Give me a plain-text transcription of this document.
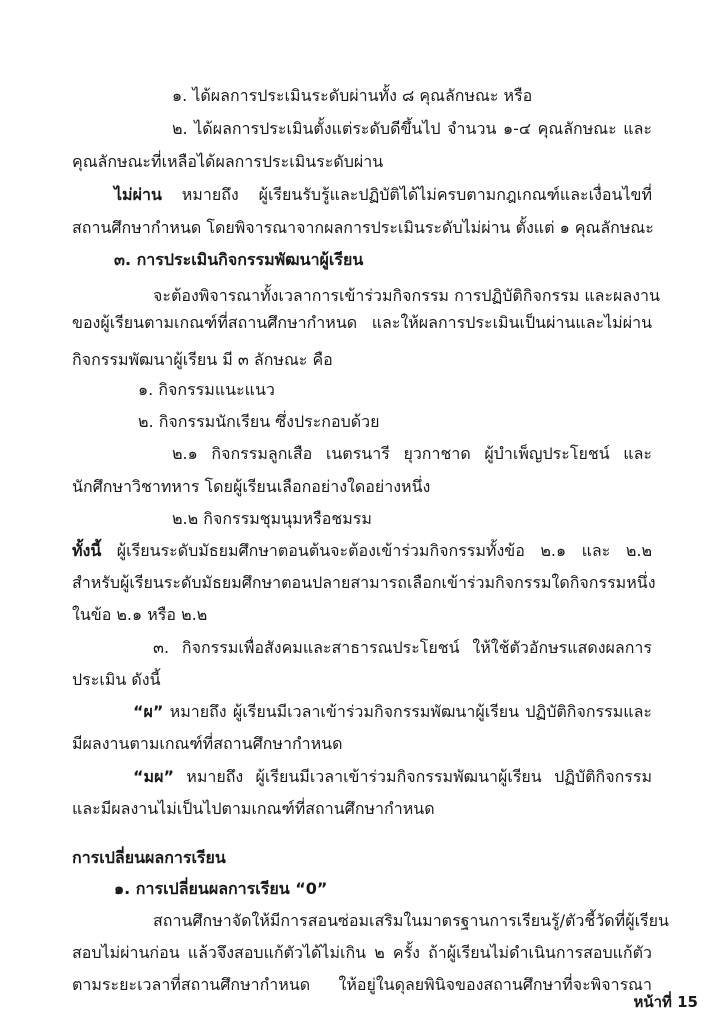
๑. ได้ผลการประเมินระดับผ่านทั้ง ๘ คุณลักษณะ หรือ
๒. ได้ผลการประเมินตั้งแต่ระดับดีขึ้นไป จำนวน ๑-๔ คุณลักษณะ และ
คุณลักษณะที่เหลือได้ผลการประเมินระดับผ่าน
ไม่ผ่าน หมายถึง ผู้เรียนรับรู้และปฏิบัติได้ไม่ครบตามกฎเกณฑ์และเงื่อนไขที่
สถานศึกษากำหนด โดยพิจารณาจากผลการประเมินระดับไม่ผ่าน ตั้งแต่ ๑ คุณลักษณะ
๓. การประเมินกิจกรรมพัฒนาผู้เรียน
จะต้องพิจารณาทั้งเวลาการเข้าร่วมกิจกรรม การปฏิบัติกิจกรรม และผลงาน
ของผู้เรียนตามเกณฑ์ที่สถานศึกษากำหนด และให้ผลการประเมินเป็นผ่านและไม่ผ่าน
กิจกรรมพัฒนาผู้เรียน มี ๓ ลักษณะ คือ
๑. กิจกรรมแนะแนว
๒. กิจกรรมนักเรียน ซึ่งประกอบด้วย
๒.๑ กิจกรรมลูกเสือ เนตรนารี ยุวกาชาด ผู้บำเพ็ญประโยชน์ และ
นักศึกษาวิชาทหาร โดยผู้เรียนเลือกอย่างใดอย่างหนึ่ง
๒.๒ กิจกรรมชุมนุมหรือชมรม
ทั้งนี้ ผู้เรียนระดับมัธยมศึกษาตอนต้นจะต้องเข้าร่วมกิจกรรมทั้งข้อ ๒.๑ และ ๒.๒
สำหรับผู้เรียนระดับมัธยมศึกษาตอนปลายสามารถเลือกเข้าร่วมกิจกรรมใดกิจกรรมหนึ่ง
ในข้อ ๒.๑ หรือ ๒.๒
๓. กิจกรรมเพื่อสังคมและสาธารณประโยชน์ ให้ใช้ตัวอักษรแสดงผลการ
ประเมิน ดังนี้
“ผ” หมายถึง ผู้เรียนมีเวลาเข้าร่วมกิจกรรมพัฒนาผู้เรียน ปฏิบัติกิจกรรมและ
มีผลงานตามเกณฑ์ที่สถานศึกษากำหนด
“มผ” หมายถึง ผู้เรียนมีเวลาเข้าร่วมกิจกรรมพัฒนาผู้เรียน ปฏิบัติกิจกรรม
และมีผลงานไม่เป็นไปตามเกณฑ์ที่สถานศึกษากำหนด
การเปลี่ยนผลการเรียน
๑. การเปลี่ยนผลการเรียน “0”
สถานศึกษาจัดให้มีการสอนซ่อมเสริมในมาตรฐานการเรียนรู้/ตัวชี้วัดที่ผู้เรียน
สอบไม่ผ่านก่อน แล้วจึงสอบแก้ตัวได้ไม่เกิน ๒ ครั้ง ถ้าผู้เรียนไม่ดำเนินการสอบแก้ตัว
ตามระยะเวลาที่สถานศึกษากำหนด ให้อยู่ในดุลยพินิจของสถานศึกษาที่จะพิจารณา
หน้าที่ 15
